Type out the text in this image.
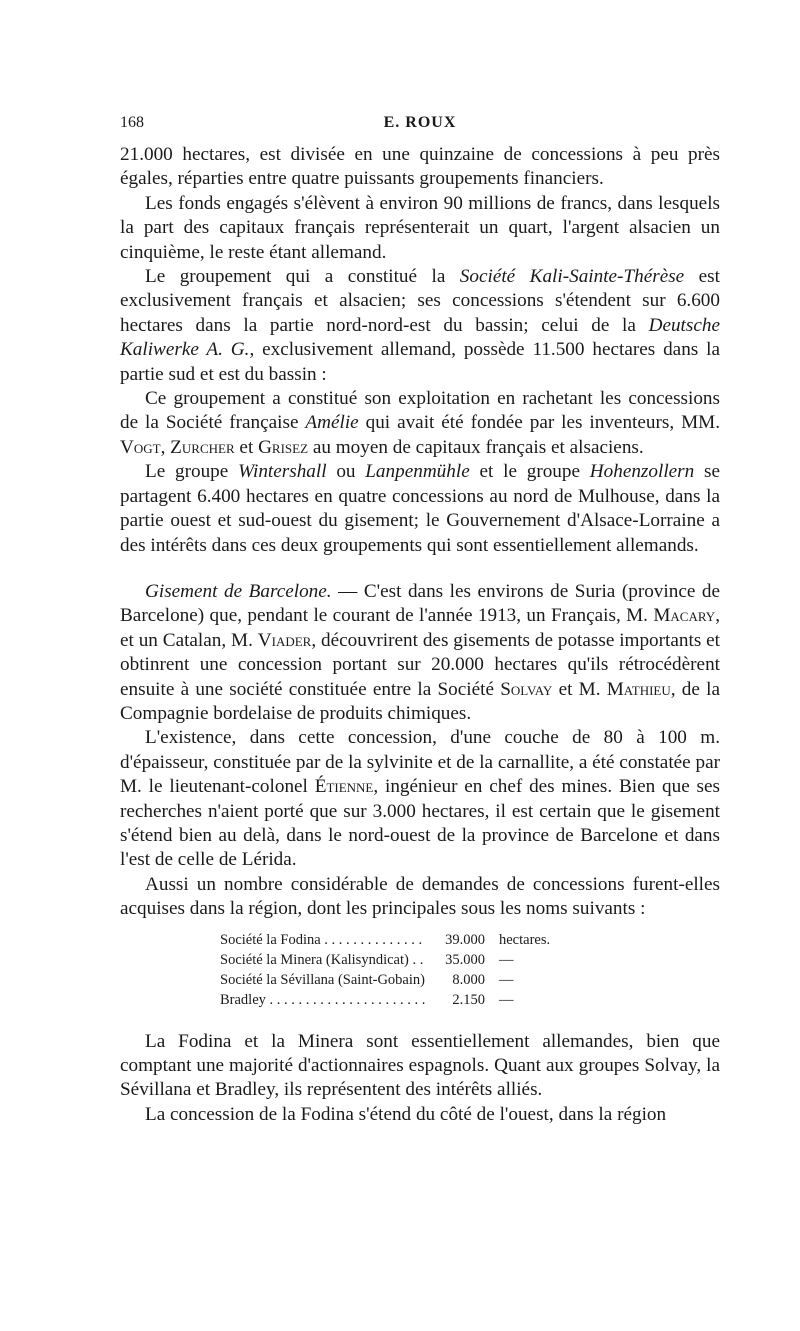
168	E. ROUX

21.000 hectares, est divisée en une quinzaine de concessions à peu près égales, réparties entre quatre puissants groupements financiers.

Les fonds engagés s'élèvent à environ 90 millions de francs, dans lesquels la part des capitaux français représenterait un quart, l'argent alsacien un cinquième, le reste étant allemand.

Le groupement qui a constitué la Société Kali-Sainte-Thérèse est exclusivement français et alsacien; ses concessions s'étendent sur 6.600 hectares dans la partie nord-nord-est du bassin; celui de la Deutsche Kaliwerke A. G., exclusivement allemand, possède 11.500 hectares dans la partie sud et est du bassin :

Ce groupement a constitué son exploitation en rachetant les concessions de la Société française Amélie qui avait été fondée par les inventeurs, MM. Vogt, Zurcher et Grisez au moyen de capitaux français et alsaciens.

Le groupe Wintershall ou Lanpenmühle et le groupe Hohenzollern se partagent 6.400 hectares en quatre concessions au nord de Mulhouse, dans la partie ouest et sud-ouest du gisement; le Gouvernement d'Alsace-Lorraine a des intérêts dans ces deux groupements qui sont essentiellement allemands.

Gisement de Barcelone. — C'est dans les environs de Suria (province de Barcelone) que, pendant le courant de l'année 1913, un Français, M. Macary, et un Catalan, M. Viader, découvrirent des gisements de potasse importants et obtinrent une concession portant sur 20.000 hectares qu'ils rétrocédèrent ensuite à une société constituée entre la Société Solvay et M. Mathieu, de la Compagnie bordelaise de produits chimiques.

L'existence, dans cette concession, d'une couche de 80 à 100 m. d'épaisseur, constituée par de la sylvinite et de la carnallite, a été constatée par M. le lieutenant-colonel Étienne, ingénieur en chef des mines. Bien que ses recherches n'aient porté que sur 3.000 hectares, il est certain que le gisement s'étend bien au delà, dans le nord-ouest de la province de Barcelone et dans l'est de celle de Lérida.

Aussi un nombre considérable de demandes de concessions furent-elles acquises dans la région, dont les principales sous les noms suivants :

Société la Fodina . . .	39.000 hectares.
Société la Minera (Kalisyndicat) . . .	35.000 —
Société la Sévillana (Saint-Gobain) . . .	8.000 —
Bradley . . .	2.150 —

La Fodina et la Minera sont essentiellement allemandes, bien que comptant une majorité d'actionnaires espagnols. Quant aux groupes Solvay, la Sévillana et Bradley, ils représentent des intérêts alliés.

La concession de la Fodina s'étend du côté de l'ouest, dans la région
